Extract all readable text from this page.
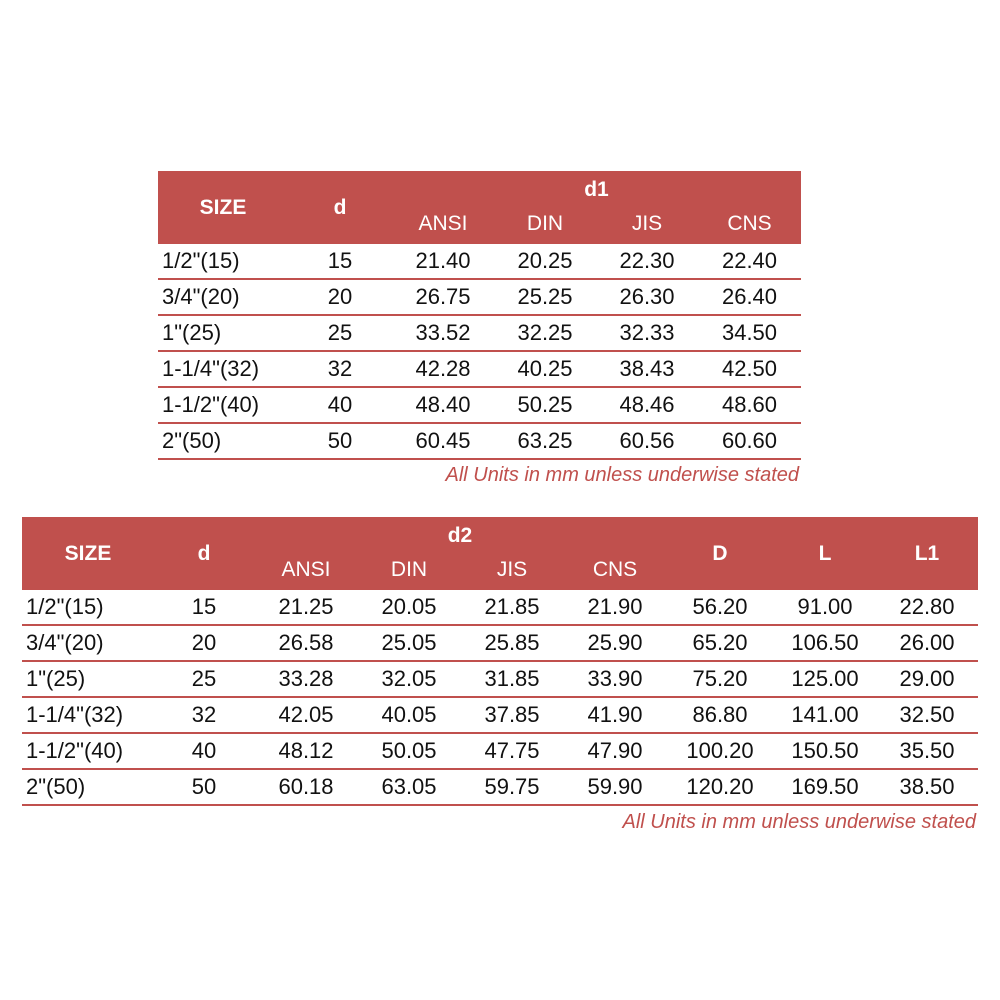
SIZE	d
d1
ANSI	DIN	JIS	CNS
1/2"(15)	15	21.40	20.25	22.30	22.40
3/4"(20)	20	26.75	25.25	26.30	26.40
1"(25)	25	33.52	32.25	32.33	34.50
1-1/4"(32)	32	42.28	40.25	38.43	42.50
1-1/2"(40)	40	48.40	50.25	48.46	48.60
2"(50)	50	60.45	63.25	60.56	60.60
All Units in mm unless underwise stated
SIZE	d
d2
ANSI	DIN	JIS	CNS
D	L	L1
1/2"(15)	15	21.25	20.05	21.85	21.90	56.20	91.00	22.80
3/4"(20)	20	26.58	25.05	25.85	25.90	65.20	106.50	26.00
1"(25)	25	33.28	32.05	31.85	33.90	75.20	125.00	29.00
1-1/4"(32)	32	42.05	40.05	37.85	41.90	86.80	141.00	32.50
1-1/2"(40)	40	48.12	50.05	47.75	47.90	100.20	150.50	35.50
2"(50)	50	60.18	63.05	59.75	59.90	120.20	169.50	38.50
All Units in mm unless underwise stated
